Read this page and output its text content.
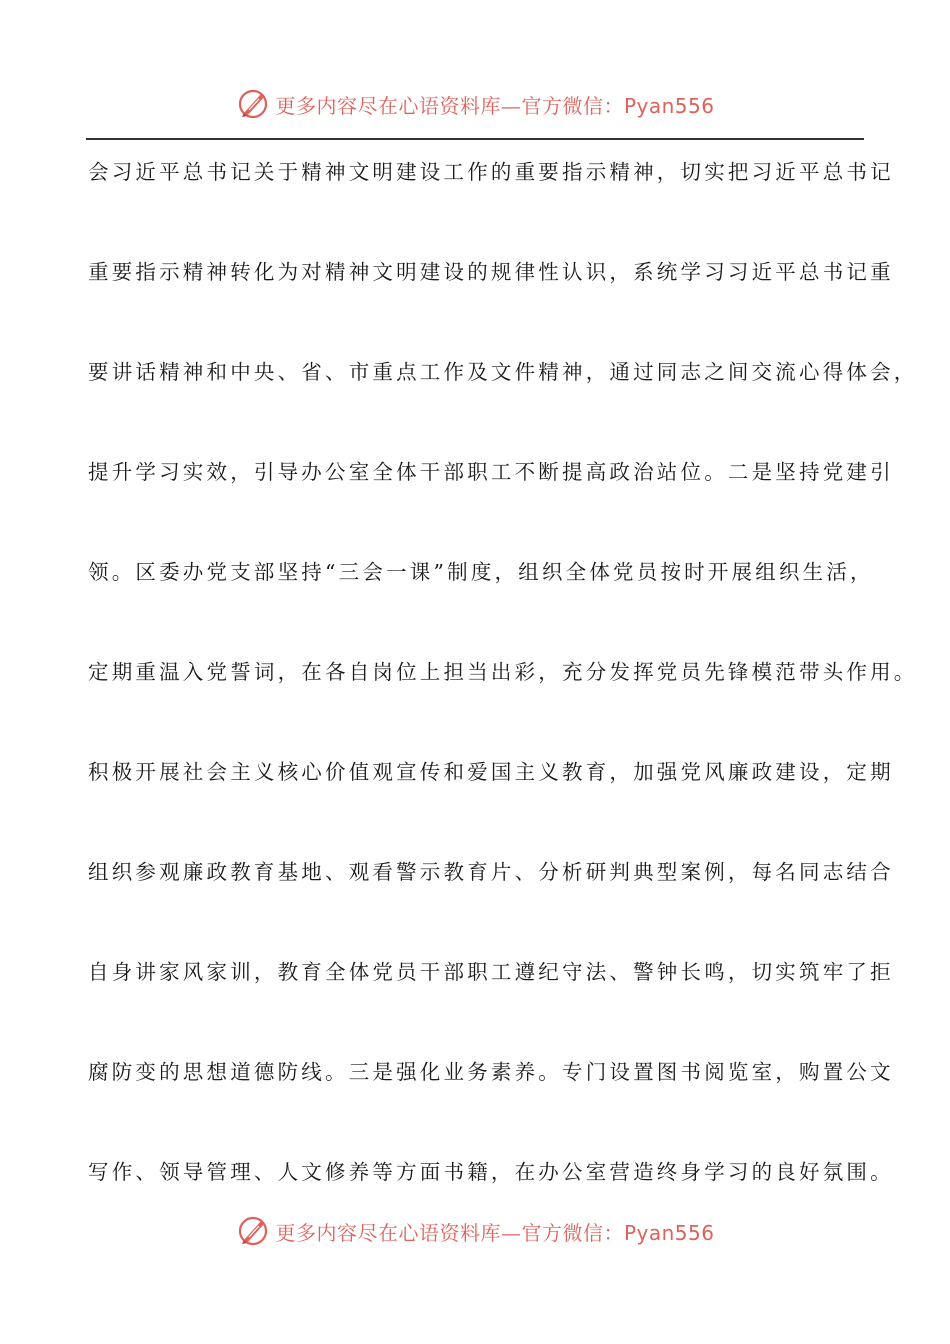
更多内容尽在心语资料库—官方微信：Pyan556
会习近平总书记关于精神文明建设工作的重要指示精神，切实把习近平总书记
重要指示精神转化为对精神文明建设的规律性认识，系统学习习近平总书记重
要讲话精神和中央、省、市重点工作及文件精神，通过同志之间交流心得体会，
提升学习实效，引导办公室全体干部职工不断提高政治站位。二是坚持党建引
领。区委办党支部坚持“三会一课”制度，组织全体党员按时开展组织生活，
定期重温入党誓词，在各自岗位上担当出彩，充分发挥党员先锋模范带头作用。
积极开展社会主义核心价值观宣传和爱国主义教育，加强党风廉政建设，定期
组织参观廉政教育基地、观看警示教育片、分析研判典型案例，每名同志结合
自身讲家风家训，教育全体党员干部职工遵纪守法、警钟长鸣，切实筑牢了拒
腐防变的思想道德防线。三是强化业务素养。专门设置图书阅览室，购置公文
写作、领导管理、人文修养等方面书籍，在办公室营造终身学习的良好氛围。
更多内容尽在心语资料库—官方微信：Pyan556
